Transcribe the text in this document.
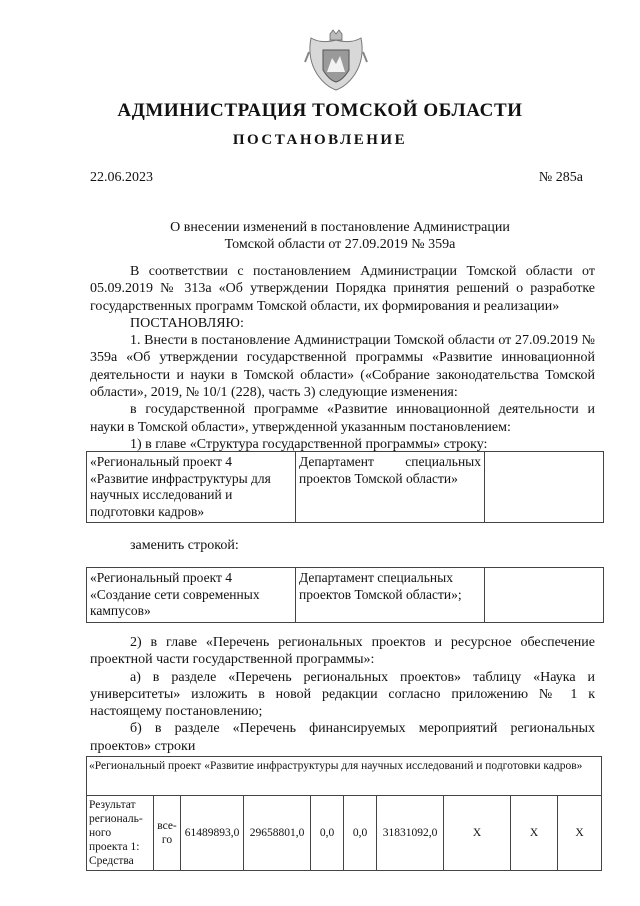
АДМИНИСТРАЦИЯ ТОМСКОЙ ОБЛАСТИ
ПОСТАНОВЛЕНИЕ
22.06.2023	№ 285а
О внесении изменений в постановление Администрации
Томской области от 27.09.2019 № 359а

В соответствии с постановлением Администрации Томской области от 05.09.2019 № 313а «Об утверждении Порядка принятия решений о разработке государственных программ Томской области, их формирования и реализации»

ПОСТАНОВЛЯЮ:

1. Внести в постановление Администрации Томской области от 27.09.2019 № 359а «Об утверждении государственной программы «Развитие инновационной деятельности и науки в Томской области» («Собрание законодательства Томской области», 2019, № 10/1 (228), часть 3) следующие изменения:

в государственной программе «Развитие инновационной деятельности и науки в Томской области», утвержденной указанным постановлением:

1) в главе «Структура государственной программы» строку:

«Региональный проект 4 «Развитие инфраструктуры для научных исследований и подготовки кадров»	Департамент специальных проектов Томской области»	
заменить строкой:
«Региональный проект 4 «Создание сети современных кампусов»	Департамент специальных проектов Томской области»;	

2) в главе «Перечень региональных проектов и ресурсное обеспечение проектной части государственной программы»:

а) в разделе «Перечень региональных проектов» таблицу «Наука и университеты» изложить в новой редакции согласно приложению № 1 к настоящему постановлению;

б) в разделе «Перечень финансируемых мероприятий региональных проектов» строки

«Региональный проект «Развитие инфраструктуры для научных исследований и подготовки кадров»
Результат региональ-ного проекта 1: Средства	все-го	61489893,0	29658801,0	0,0	0,0	31831092,0	Х	Х	Х
